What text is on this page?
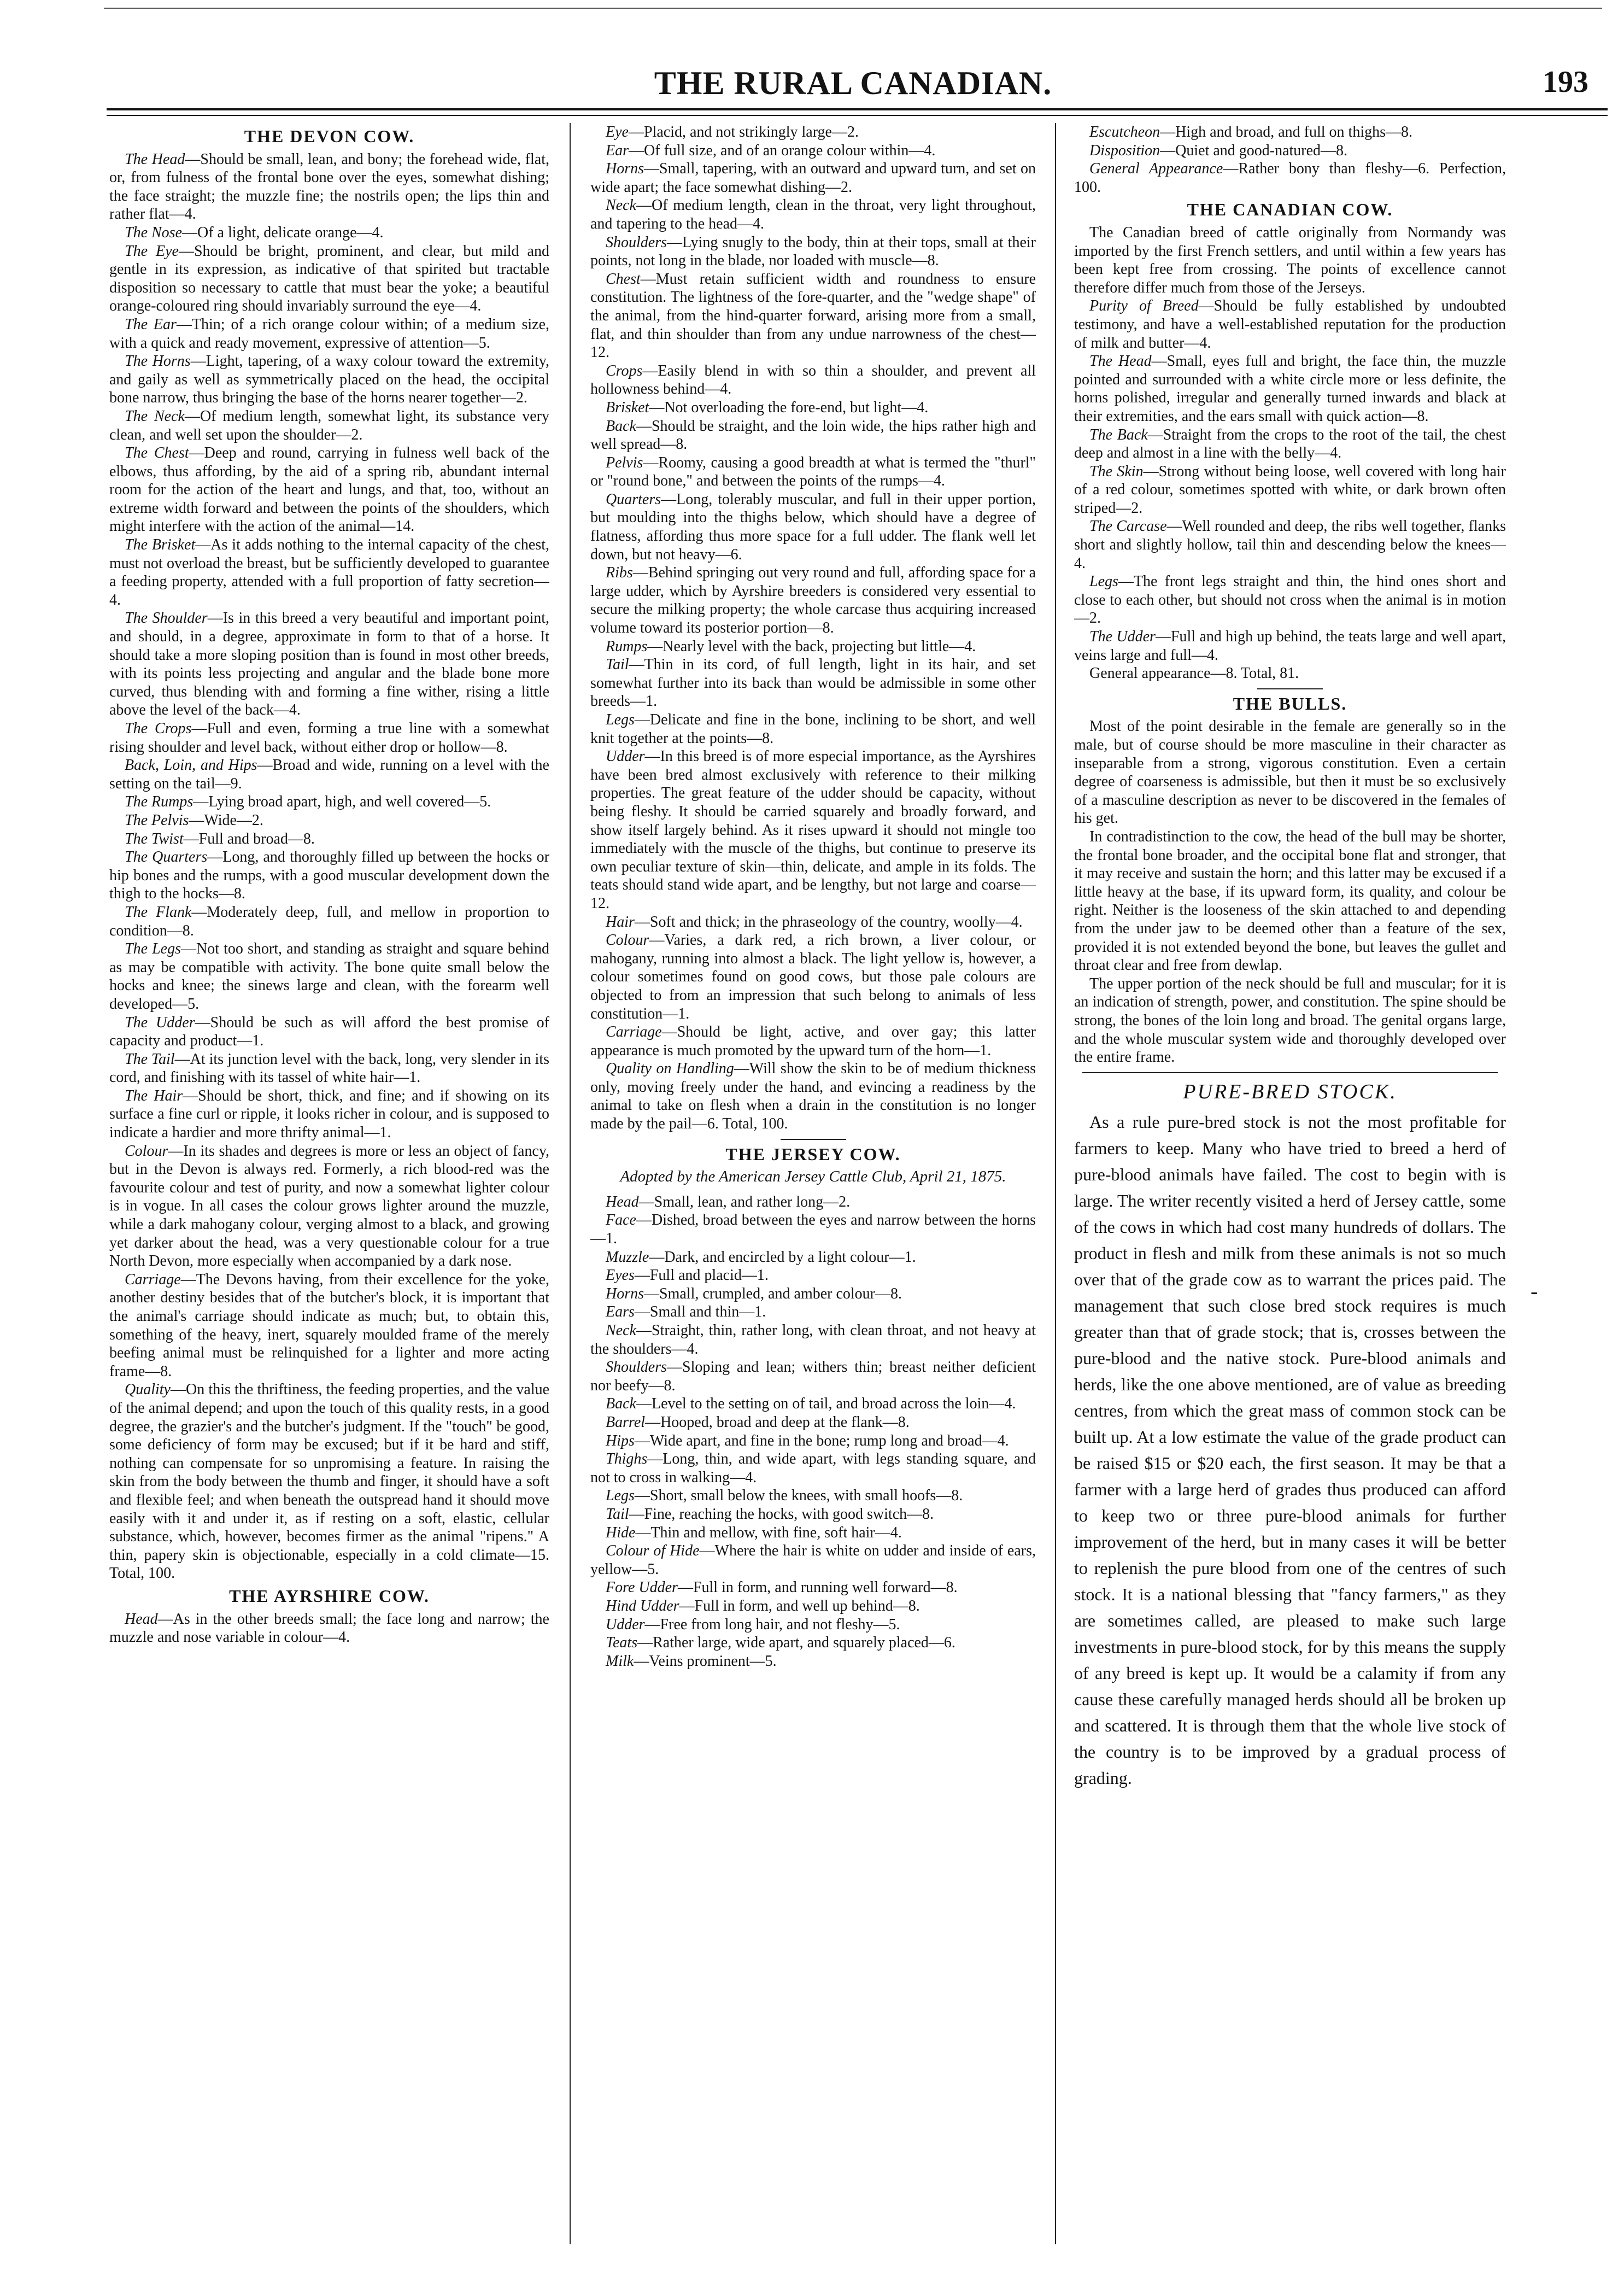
THE RURAL CANADIAN.	193
THE DEVON COW.

The Head—Should be small, lean, and bony; the forehead wide, flat, or, from fulness of the frontal bone over the eyes, somewhat dishing; the face straight; the muzzle fine; the nostrils open; the lips thin and rather flat—4.

The Nose—Of a light, delicate orange—4.

The Eye—Should be bright, prominent, and clear, but mild and gentle in its expression, as indicative of that spirited but tractable disposition so necessary to cattle that must bear the yoke; a beautiful orange-coloured ring should invariably surround the eye—4.

The Ear—Thin; of a rich orange colour within; of a medium size, with a quick and ready movement, expressive of attention—5.

The Horns—Light, tapering, of a waxy colour toward the extremity, and gaily as well as symmetrically placed on the head, the occipital bone narrow, thus bringing the base of the horns nearer together—2.

The Neck—Of medium length, somewhat light, its substance very clean, and well set upon the shoulder—2.

The Chest—Deep and round, carrying in fulness well back of the elbows, thus affording, by the aid of a spring rib, abundant internal room for the action of the heart and lungs, and that, too, without an extreme width forward and between the points of the shoulders, which might interfere with the action of the animal—14.

The Brisket—As it adds nothing to the internal capacity of the chest, must not overload the breast, but be sufficiently developed to guarantee a feeding property, attended with a full proportion of fatty secretion—4.

The Shoulder—Is in this breed a very beautiful and important point, and should, in a degree, approximate in form to that of a horse. It should take a more sloping position than is found in most other breeds, with its points less projecting and angular and the blade bone more curved, thus blending with and forming a fine wither, rising a little above the level of the back—4.

The Crops—Full and even, forming a true line with a somewhat rising shoulder and level back, without either drop or hollow—8.

Back, Loin, and Hips—Broad and wide, running on a level with the setting on the tail—9.

The Rumps—Lying broad apart, high, and well covered—5.

The Pelvis—Wide—2.

The Twist—Full and broad—8.

The Quarters—Long, and thoroughly filled up between the hocks or hip bones and the rumps, with a good muscular development down the thigh to the hocks—8.

The Flank—Moderately deep, full, and mellow in proportion to condition—8.

The Legs—Not too short, and standing as straight and square behind as may be compatible with activity. The bone quite small below the hocks and knee; the sinews large and clean, with the forearm well developed—5.

The Udder—Should be such as will afford the best promise of capacity and product—1.

The Tail—At its junction level with the back, long, very slender in its cord, and finishing with its tassel of white hair—1.

The Hair—Should be short, thick, and fine; and if showing on its surface a fine curl or ripple, it looks richer in colour, and is supposed to indicate a hardier and more thrifty animal—1.

Colour—In its shades and degrees is more or less an object of fancy, but in the Devon is always red. Formerly, a rich blood-red was the favourite colour and test of purity, and now a somewhat lighter colour is in vogue. In all cases the colour grows lighter around the muzzle, while a dark mahogany colour, verging almost to a black, and growing yet darker about the head, was a very questionable colour for a true North Devon, more especially when accompanied by a dark nose.

Carriage—The Devons having, from their excellence for the yoke, another destiny besides that of the butcher's block, it is important that the animal's carriage should indicate as much; but, to obtain this, something of the heavy, inert, squarely moulded frame of the merely beefing animal must be relinquished for a lighter and more acting frame—8.

Quality—On this the thriftiness, the feeding properties, and the value of the animal depend; and upon the touch of this quality rests, in a good degree, the grazier's and the butcher's judgment. If the "touch" be good, some deficiency of form may be excused; but if it be hard and stiff, nothing can compensate for so unpromising a feature. In raising the skin from the body between the thumb and finger, it should have a soft and flexible feel; and when beneath the outspread hand it should move easily with it and under it, as if resting on a soft, elastic, cellular substance, which, however, becomes firmer as the animal "ripens." A thin, papery skin is objectionable, especially in a cold climate—15. Total, 100.

THE AYRSHIRE COW.

Head—As in the other breeds small; the face long and narrow; the muzzle and nose variable in colour—4.

Eye—Placid, and not strikingly large—2.

Ear—Of full size, and of an orange colour within—4.

Horns—Small, tapering, with an outward and upward turn, and set on wide apart; the face somewhat dishing—2.

Neck—Of medium length, clean in the throat, very light throughout, and tapering to the head—4.

Shoulders—Lying snugly to the body, thin at their tops, small at their points, not long in the blade, nor loaded with muscle—8.

Chest—Must retain sufficient width and roundness to ensure constitution. The lightness of the fore-quarter, and the "wedge shape" of the animal, from the hind-quarter forward, arising more from a small, flat, and thin shoulder than from any undue narrowness of the chest—12.

Crops—Easily blend in with so thin a shoulder, and prevent all hollowness behind—4.

Brisket—Not overloading the fore-end, but light—4.

Back—Should be straight, and the loin wide, the hips rather high and well spread—8.

Pelvis—Roomy, causing a good breadth at what is termed the "thurl" or "round bone," and between the points of the rumps—4.

Quarters—Long, tolerably muscular, and full in their upper portion, but moulding into the thighs below, which should have a degree of flatness, affording thus more space for a full udder. The flank well let down, but not heavy—6.

Ribs—Behind springing out very round and full, affording space for a large udder, which by Ayrshire breeders is considered very essential to secure the milking property; the whole carcase thus acquiring increased volume toward its posterior portion—8.

Rumps—Nearly level with the back, projecting but little—4.

Tail—Thin in its cord, of full length, light in its hair, and set somewhat further into its back than would be admissible in some other breeds—1.

Legs—Delicate and fine in the bone, inclining to be short, and well knit together at the points—8.

Udder—In this breed is of more especial importance, as the Ayrshires have been bred almost exclusively with reference to their milking properties. The great feature of the udder should be capacity, without being fleshy. It should be carried squarely and broadly forward, and show itself largely behind. As it rises upward it should not mingle too immediately with the muscle of the thighs, but continue to preserve its own peculiar texture of skin—thin, delicate, and ample in its folds. The teats should stand wide apart, and be lengthy, but not large and coarse—12.

Hair—Soft and thick; in the phraseology of the country, woolly—4.

Colour—Varies, a dark red, a rich brown, a liver colour, or mahogany, running into almost a black. The light yellow is, however, a colour sometimes found on good cows, but those pale colours are objected to from an impression that such belong to animals of less constitution—1.

Carriage—Should be light, active, and over gay; this latter appearance is much promoted by the upward turn of the horn—1.

Quality on Handling—Will show the skin to be of medium thickness only, moving freely under the hand, and evincing a readiness by the animal to take on flesh when a drain in the constitution is no longer made by the pail—6. Total, 100.

THE JERSEY COW.
Adopted by the American Jersey Cattle Club, April 21, 1875.

Head—Small, lean, and rather long—2.

Face—Dished, broad between the eyes and narrow between the horns—1.

Muzzle—Dark, and encircled by a light colour—1.

Eyes—Full and placid—1.

Horns—Small, crumpled, and amber colour—8.

Ears—Small and thin—1.

Neck—Straight, thin, rather long, with clean throat, and not heavy at the shoulders—4.

Shoulders—Sloping and lean; withers thin; breast neither deficient nor beefy—8.

Back—Level to the setting on of tail, and broad across the loin—4.

Barrel—Hooped, broad and deep at the flank—8.

Hips—Wide apart, and fine in the bone; rump long and broad—4.

Thighs—Long, thin, and wide apart, with legs standing square, and not to cross in walking—4.

Legs—Short, small below the knees, with small hoofs—8.

Tail—Fine, reaching the hocks, with good switch—8.

Hide—Thin and mellow, with fine, soft hair—4.

Colour of Hide—Where the hair is white on udder and inside of ears, yellow—5.

Fore Udder—Full in form, and running well forward—8.

Hind Udder—Full in form, and well up behind—8.

Udder—Free from long hair, and not fleshy—5.

Teats—Rather large, wide apart, and squarely placed—6.

Milk—Veins prominent—5.

Escutcheon—High and broad, and full on thighs—8.

Disposition—Quiet and good-natured—8.

General Appearance—Rather bony than fleshy—6. Perfection, 100.

THE CANADIAN COW.

The Canadian breed of cattle originally from Normandy was imported by the first French settlers, and until within a few years has been kept free from crossing. The points of excellence cannot therefore differ much from those of the Jerseys.

Purity of Breed—Should be fully established by undoubted testimony, and have a well-established reputation for the production of milk and butter—4.

The Head—Small, eyes full and bright, the face thin, the muzzle pointed and surrounded with a white circle more or less definite, the horns polished, irregular and generally turned inwards and black at their extremities, and the ears small with quick action—8.

The Back—Straight from the crops to the root of the tail, the chest deep and almost in a line with the belly—4.

The Skin—Strong without being loose, well covered with long hair of a red colour, sometimes spotted with white, or dark brown often striped—2.

The Carcase—Well rounded and deep, the ribs well together, flanks short and slightly hollow, tail thin and descending below the knees—4.

Legs—The front legs straight and thin, the hind ones short and close to each other, but should not cross when the animal is in motion—2.

The Udder—Full and high up behind, the teats large and well apart, veins large and full—4.

General appearance—8. Total, 81.

THE BULLS.

Most of the point desirable in the female are generally so in the male, but of course should be more masculine in their character as inseparable from a strong, vigorous constitution. Even a certain degree of coarseness is admissible, but then it must be so exclusively of a masculine description as never to be discovered in the females of his get.

In contradistinction to the cow, the head of the bull may be shorter, the frontal bone broader, and the occipital bone flat and stronger, that it may receive and sustain the horn; and this latter may be excused if a little heavy at the base, if its upward form, its quality, and colour be right. Neither is the looseness of the skin attached to and depending from the under jaw to be deemed other than a feature of the sex, provided it is not extended beyond the bone, but leaves the gullet and throat clear and free from dewlap.

The upper portion of the neck should be full and muscular; for it is an indication of strength, power, and constitution. The spine should be strong, the bones of the loin long and broad. The genital organs large, and the whole muscular system wide and thoroughly developed over the entire frame.

PURE-BRED STOCK.

As a rule pure-bred stock is not the most profitable for farmers to keep. Many who have tried to breed a herd of pure-blood animals have failed. The cost to begin with is large. The writer recently visited a herd of Jersey cattle, some of the cows in which had cost many hundreds of dollars. The product in flesh and milk from these animals is not so much over that of the grade cow as to warrant the prices paid. The management that such close bred stock requires is much greater than that of grade stock; that is, crosses between the pure-blood and the native stock. Pure-blood animals and herds, like the one above mentioned, are of value as breeding centres, from which the great mass of common stock can be built up. At a low estimate the value of the grade product can be raised $15 or $20 each, the first season. It may be that a farmer with a large herd of grades thus produced can afford to keep two or three pure-blood animals for further improvement of the herd, but in many cases it will be better to replenish the pure blood from one of the centres of such stock. It is a national blessing that "fancy farmers," as they are sometimes called, are pleased to make such large investments in pure-blood stock, for by this means the supply of any breed is kept up. It would be a calamity if from any cause these carefully managed herds should all be broken up and scattered. It is through them that the whole live stock of the country is to be improved by a gradual process of grading.

-
